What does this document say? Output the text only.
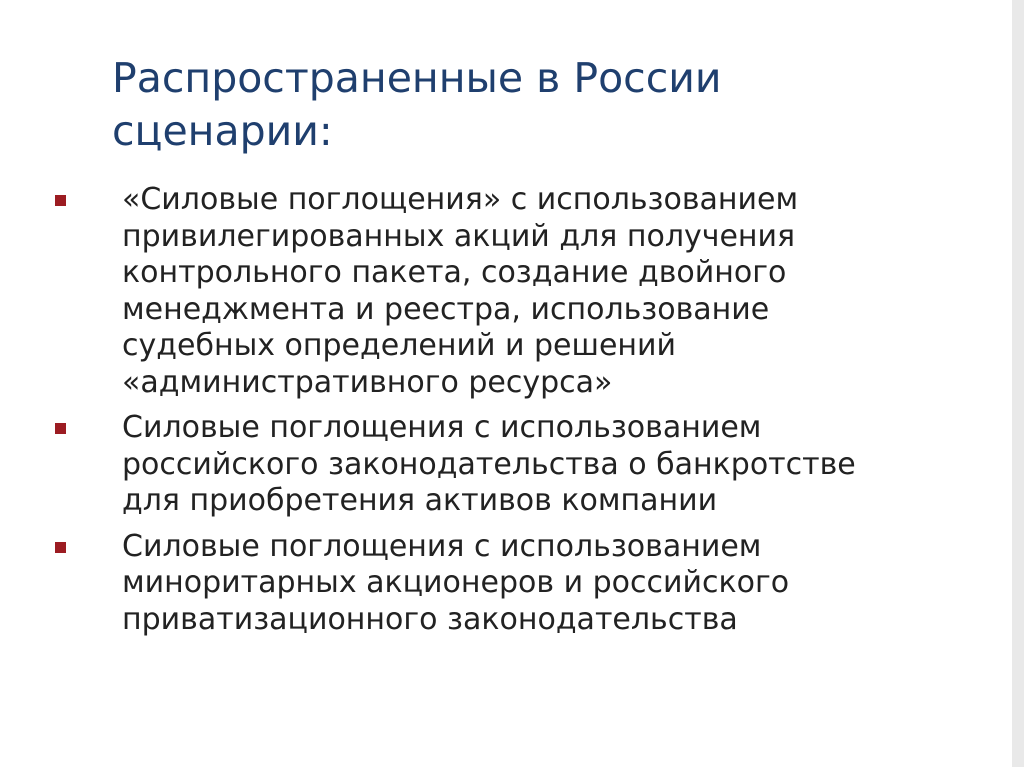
Распространенные в России
сценарии:
«Силовые поглощения» с использованием
привилегированных акций для получения
контрольного пакета, создание двойного
менеджмента и реестра, использование
судебных определений и решений
«административного ресурса»
Силовые поглощения с использованием
российского законодательства о банкротстве
для приобретения активов компании
Силовые поглощения с использованием
миноритарных акционеров и российского
приватизационного законодательства
